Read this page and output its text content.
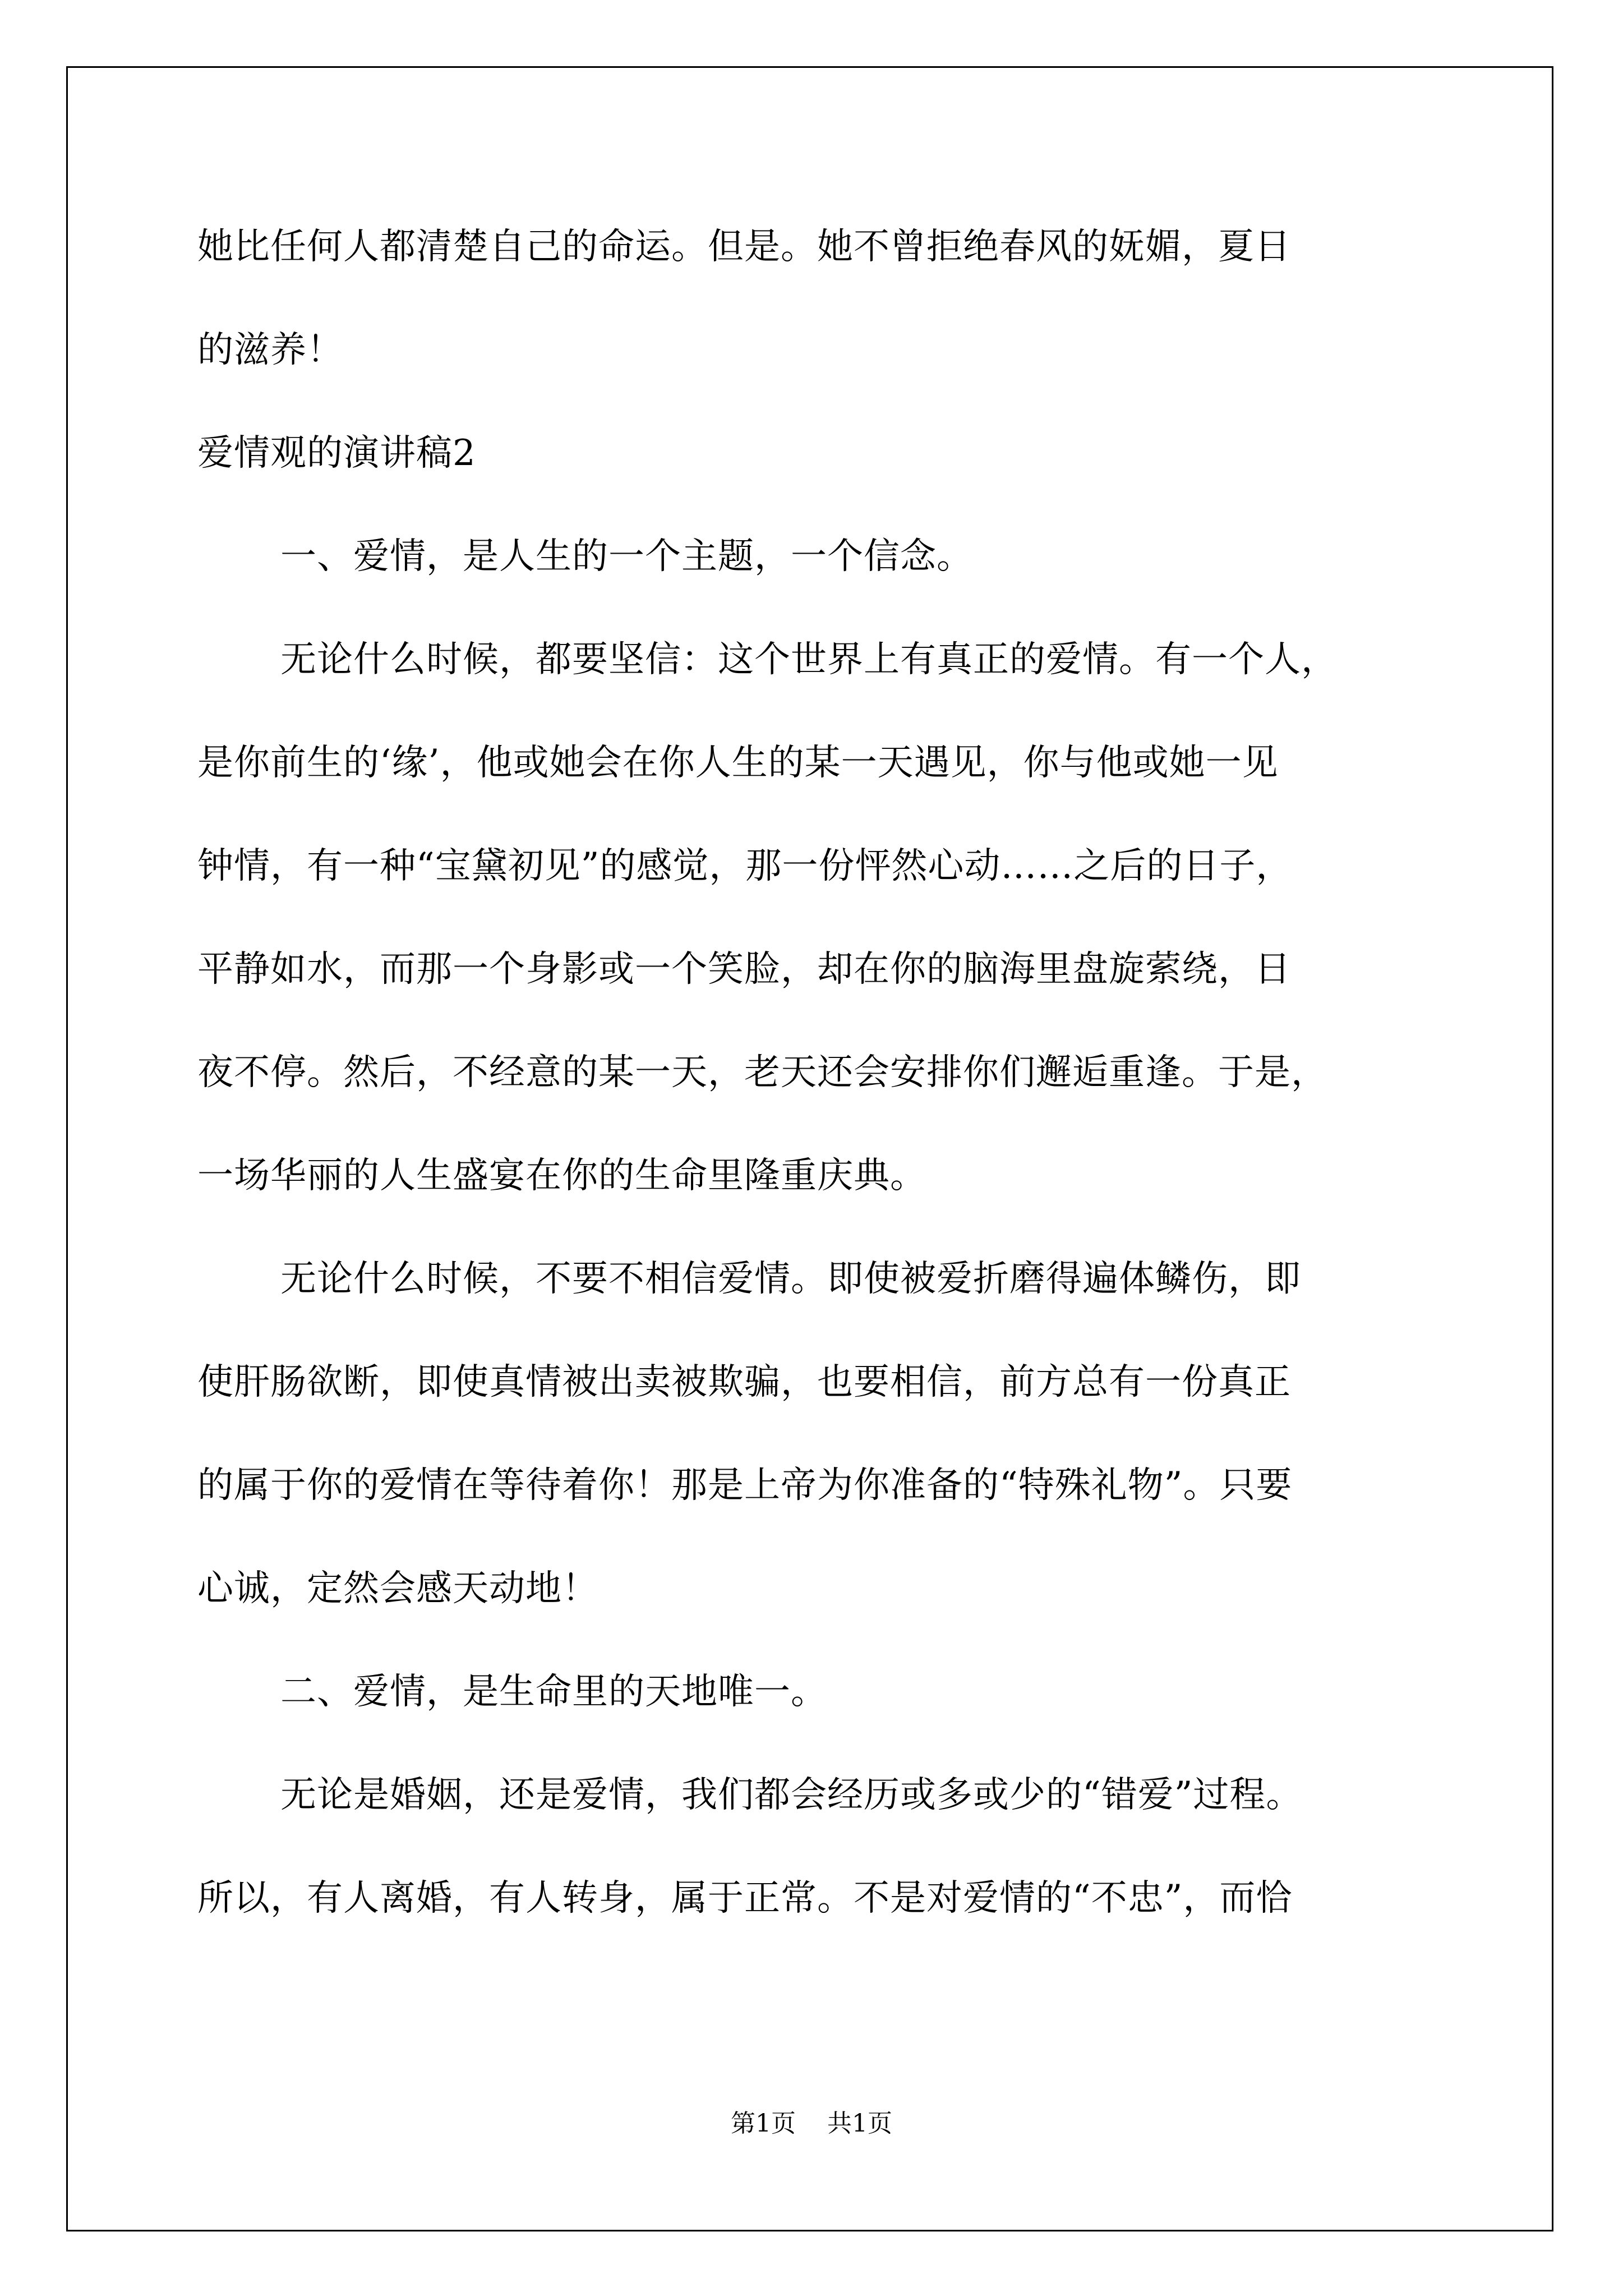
她比任何人都清楚自己的命运。但是。她不曾拒绝春风的妩媚，夏日
的滋养！
爱情观的演讲稿2
一、爱情，是人生的一个主题，一个信念。
无论什么时候，都要坚信：这个世界上有真正的爱情。有一个人，
是你前生的‘缘’，他或她会在你人生的某一天遇见，你与他或她一见
钟情，有一种“宝黛初见”的感觉，那一份怦然心动……之后的日子，
平静如水，而那一个身影或一个笑脸，却在你的脑海里盘旋萦绕，日
夜不停。然后，不经意的某一天，老天还会安排你们邂逅重逢。于是，
一场华丽的人生盛宴在你的生命里隆重庆典。
无论什么时候，不要不相信爱情。即使被爱折磨得遍体鳞伤，即
使肝肠欲断，即使真情被出卖被欺骗，也要相信，前方总有一份真正
的属于你的爱情在等待着你！那是上帝为你准备的“特殊礼物”。只要
心诚，定然会感天动地！
二、爱情，是生命里的天地唯一。
无论是婚姻，还是爱情，我们都会经历或多或少的“错爱”过程。
所以，有人离婚，有人转身，属于正常。不是对爱情的“不忠”，而恰
第1页 共1页
